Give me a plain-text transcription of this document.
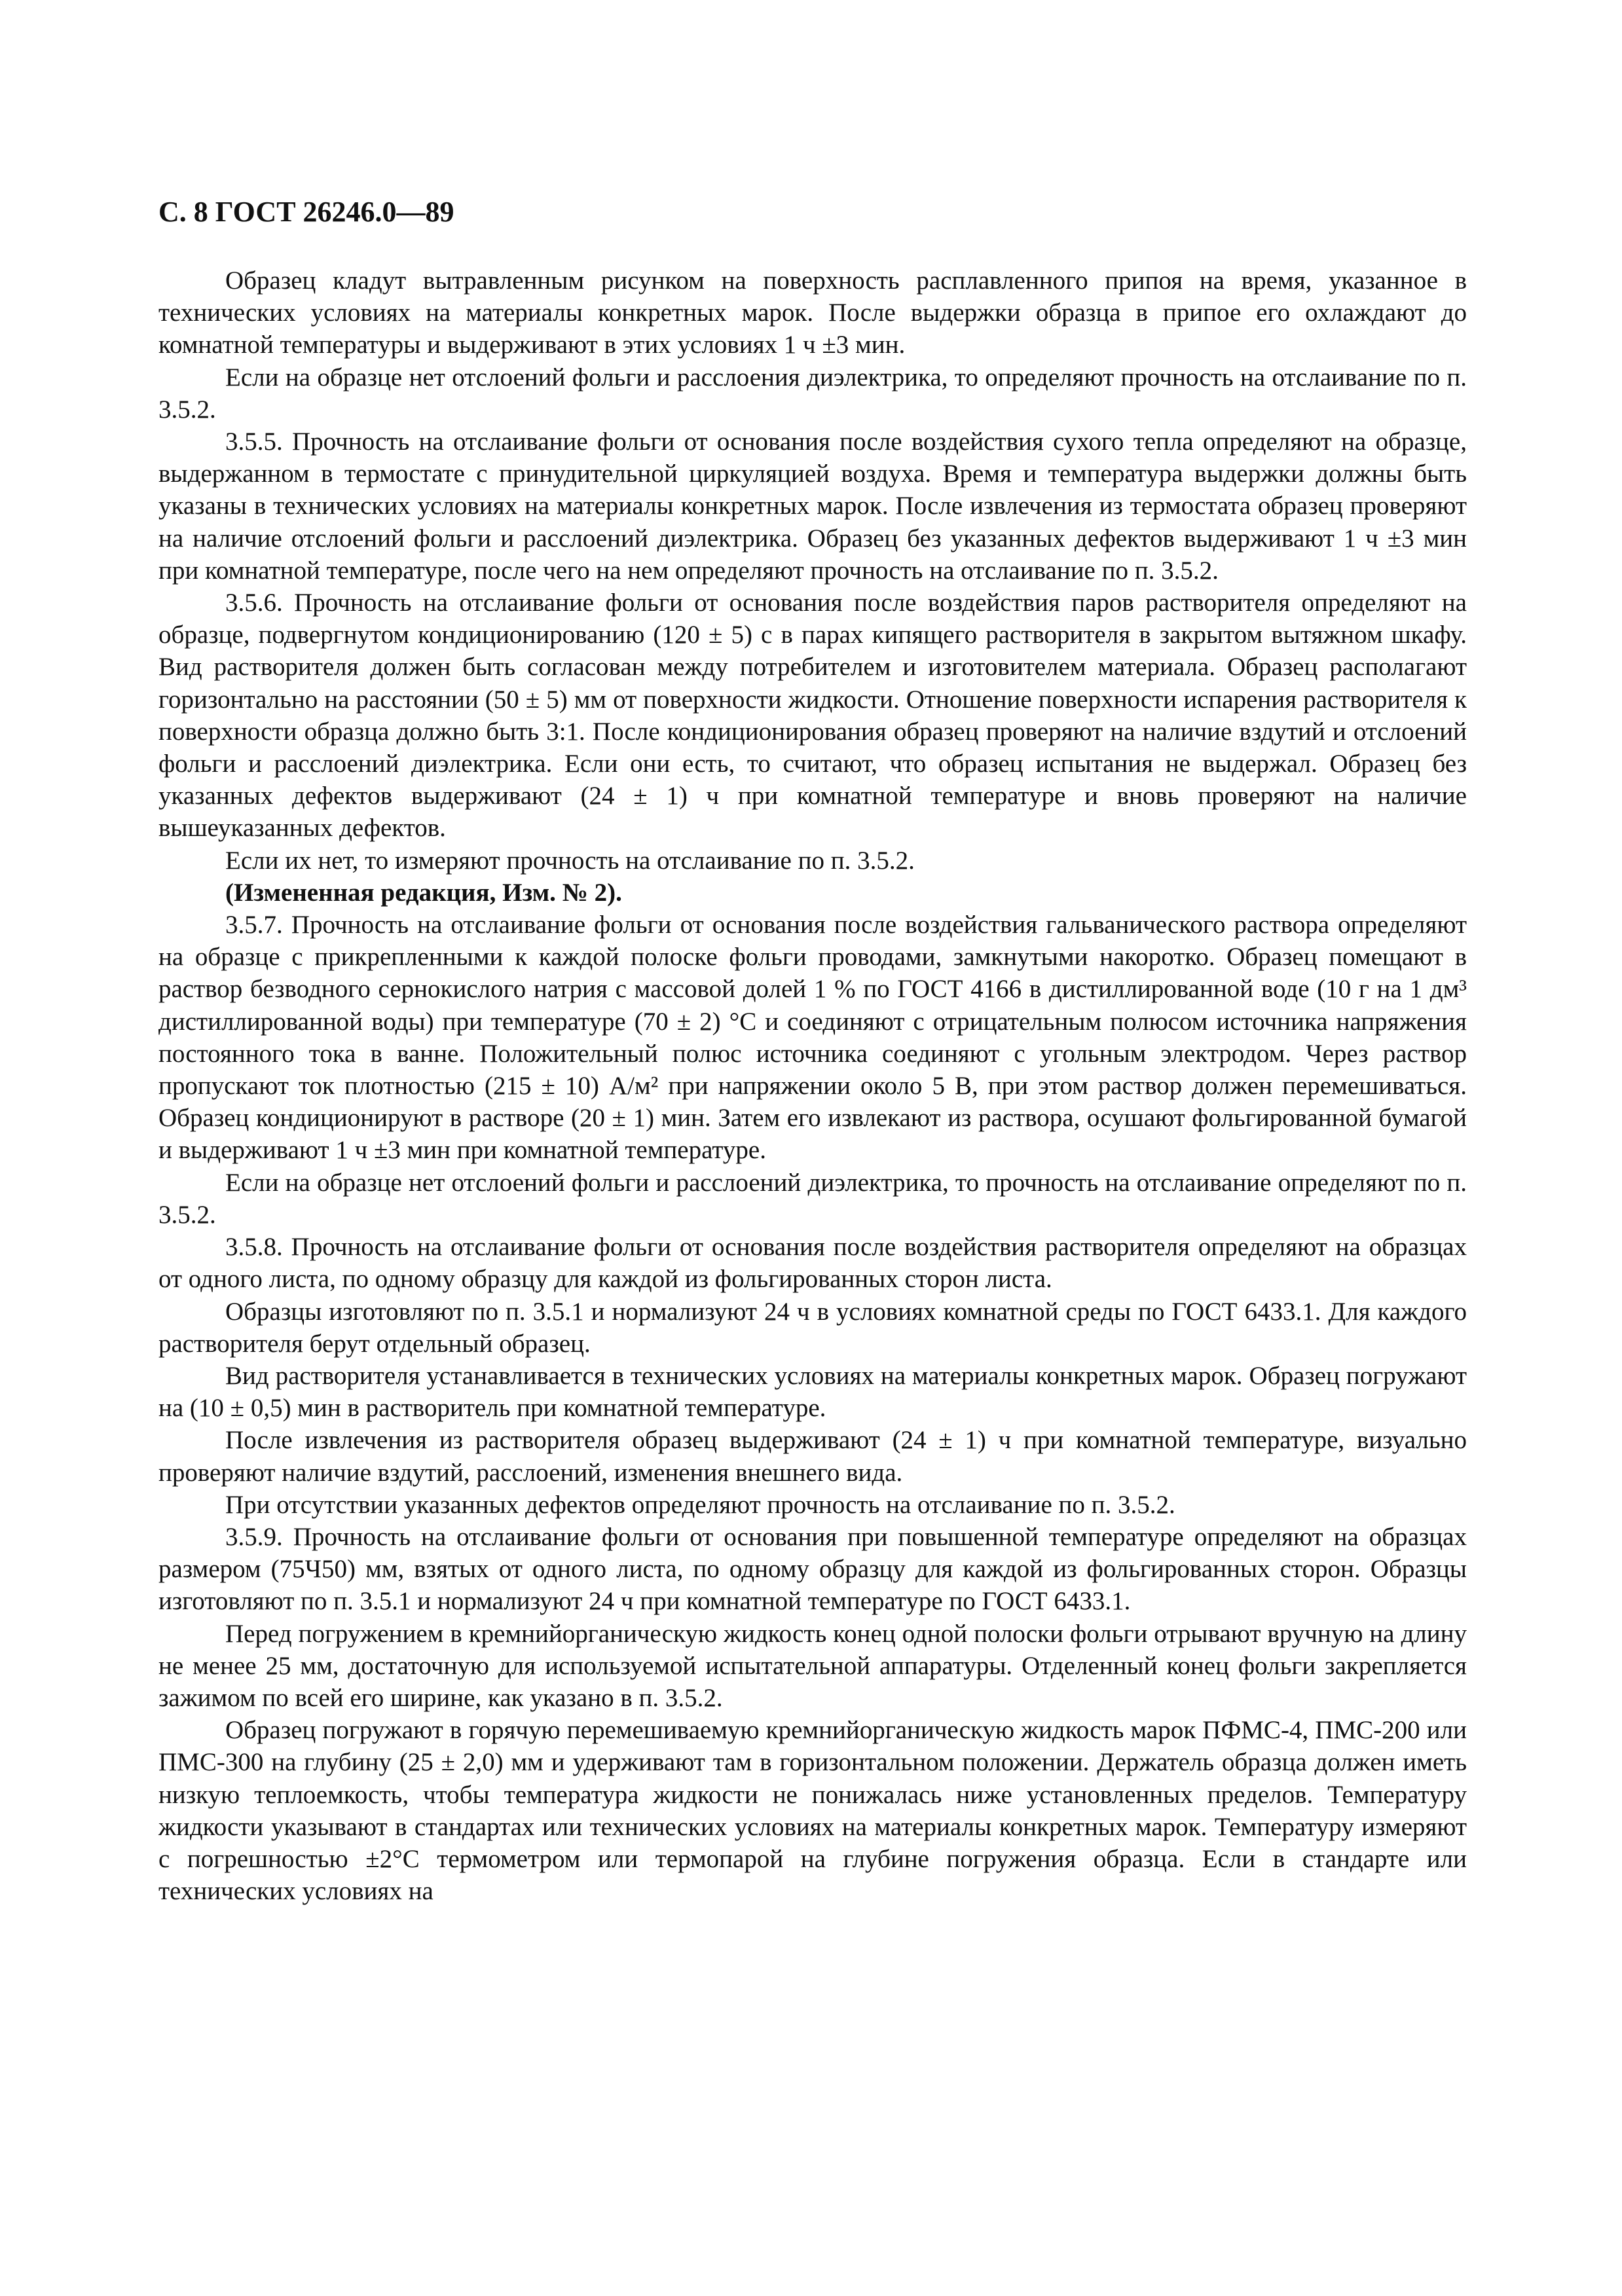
С. 8 ГОСТ 26246.0—89

Образец кладут вытравленным рисунком на поверхность расплавленного припоя на время, указанное в технических условиях на материалы конкретных марок. После выдержки образца в припое его охлаждают до комнатной температуры и выдерживают в этих условиях 1 ч ±3 мин.

Если на образце нет отслоений фольги и расслоения диэлектрика, то определяют прочность на отслаивание по п. 3.5.2.

3.5.5. Прочность на отслаивание фольги от основания после воздействия сухого тепла определяют на образце, выдержанном в термостате с принудительной циркуляцией воздуха. Время и температура выдержки должны быть указаны в технических условиях на материалы конкретных марок. После извлечения из термостата образец проверяют на наличие отслоений фольги и расслоений диэлектрика. Образец без указанных дефектов выдерживают 1 ч ±3 мин при комнатной температуре, после чего на нем определяют прочность на отслаивание по п. 3.5.2.

3.5.6. Прочность на отслаивание фольги от основания после воздействия паров растворителя определяют на образце, подвергнутом кондиционированию (120 ± 5) с в парах кипящего растворителя в закрытом вытяжном шкафу. Вид растворителя должен быть согласован между потребителем и изготовителем материала. Образец располагают горизонтально на расстоянии (50 ± 5) мм от поверхности жидкости. Отношение поверхности испарения растворителя к поверхности образца должно быть 3:1. После кондиционирования образец проверяют на наличие вздутий и отслоений фольги и расслоений диэлектрика. Если они есть, то считают, что образец испытания не выдержал. Образец без указанных дефектов выдерживают (24 ± 1) ч при комнатной температуре и вновь проверяют на наличие вышеуказанных дефектов.

Если их нет, то измеряют прочность на отслаивание по п. 3.5.2.

(Измененная редакция, Изм. № 2).

3.5.7. Прочность на отслаивание фольги от основания после воздействия гальванического раствора определяют на образце с прикрепленными к каждой полоске фольги проводами, замкнутыми накоротко. Образец помещают в раствор безводного сернокислого натрия с массовой долей 1 % по ГОСТ 4166 в дистиллированной воде (10 г на 1 дм³ дистиллированной воды) при температуре (70 ± 2) °С и соединяют с отрицательным полюсом источника напряжения постоянного тока в ванне. Положительный полюс источника соединяют с угольным электродом. Через раствор пропускают ток плотностью (215 ± 10) А/м² при напряжении около 5 В, при этом раствор должен перемешиваться. Образец кондиционируют в растворе (20 ± 1) мин. Затем его извлекают из раствора, осушают фольгированной бумагой и выдерживают 1 ч ±3 мин при комнатной температуре.

Если на образце нет отслоений фольги и расслоений диэлектрика, то прочность на отслаивание определяют по п. 3.5.2.

3.5.8. Прочность на отслаивание фольги от основания после воздействия растворителя определяют на образцах от одного листа, по одному образцу для каждой из фольгированных сторон листа.

Образцы изготовляют по п. 3.5.1 и нормализуют 24 ч в условиях комнатной среды по ГОСТ 6433.1. Для каждого растворителя берут отдельный образец.

Вид растворителя устанавливается в технических условиях на материалы конкретных марок. Образец погружают на (10 ± 0,5) мин в растворитель при комнатной температуре.

После извлечения из растворителя образец выдерживают (24 ± 1) ч при комнатной температуре, визуально проверяют наличие вздутий, расслоений, изменения внешнего вида.

При отсутствии указанных дефектов определяют прочность на отслаивание по п. 3.5.2.

3.5.9. Прочность на отслаивание фольги от основания при повышенной температуре определяют на образцах размером (75Ч50) мм, взятых от одного листа, по одному образцу для каждой из фольгированных сторон. Образцы изготовляют по п. 3.5.1 и нормализуют 24 ч при комнатной температуре по ГОСТ 6433.1.

Перед погружением в кремнийорганическую жидкость конец одной полоски фольги отрывают вручную на длину не менее 25 мм, достаточную для используемой испытательной аппаратуры. Отделенный конец фольги закрепляется зажимом по всей его ширине, как указано в п. 3.5.2.

Образец погружают в горячую перемешиваемую кремнийорганическую жидкость марок ПФМС-4, ПМС-200 или ПМС-300 на глубину (25 ± 2,0) мм и удерживают там в горизонтальном положении. Держатель образца должен иметь низкую теплоемкость, чтобы температура жидкости не понижалась ниже установленных пределов. Температуру жидкости указывают в стандартах или технических условиях на материалы конкретных марок. Температуру измеряют с погрешностью ±2°С термометром или термопарой на глубине погружения образца. Если в стандарте или технических условиях на
